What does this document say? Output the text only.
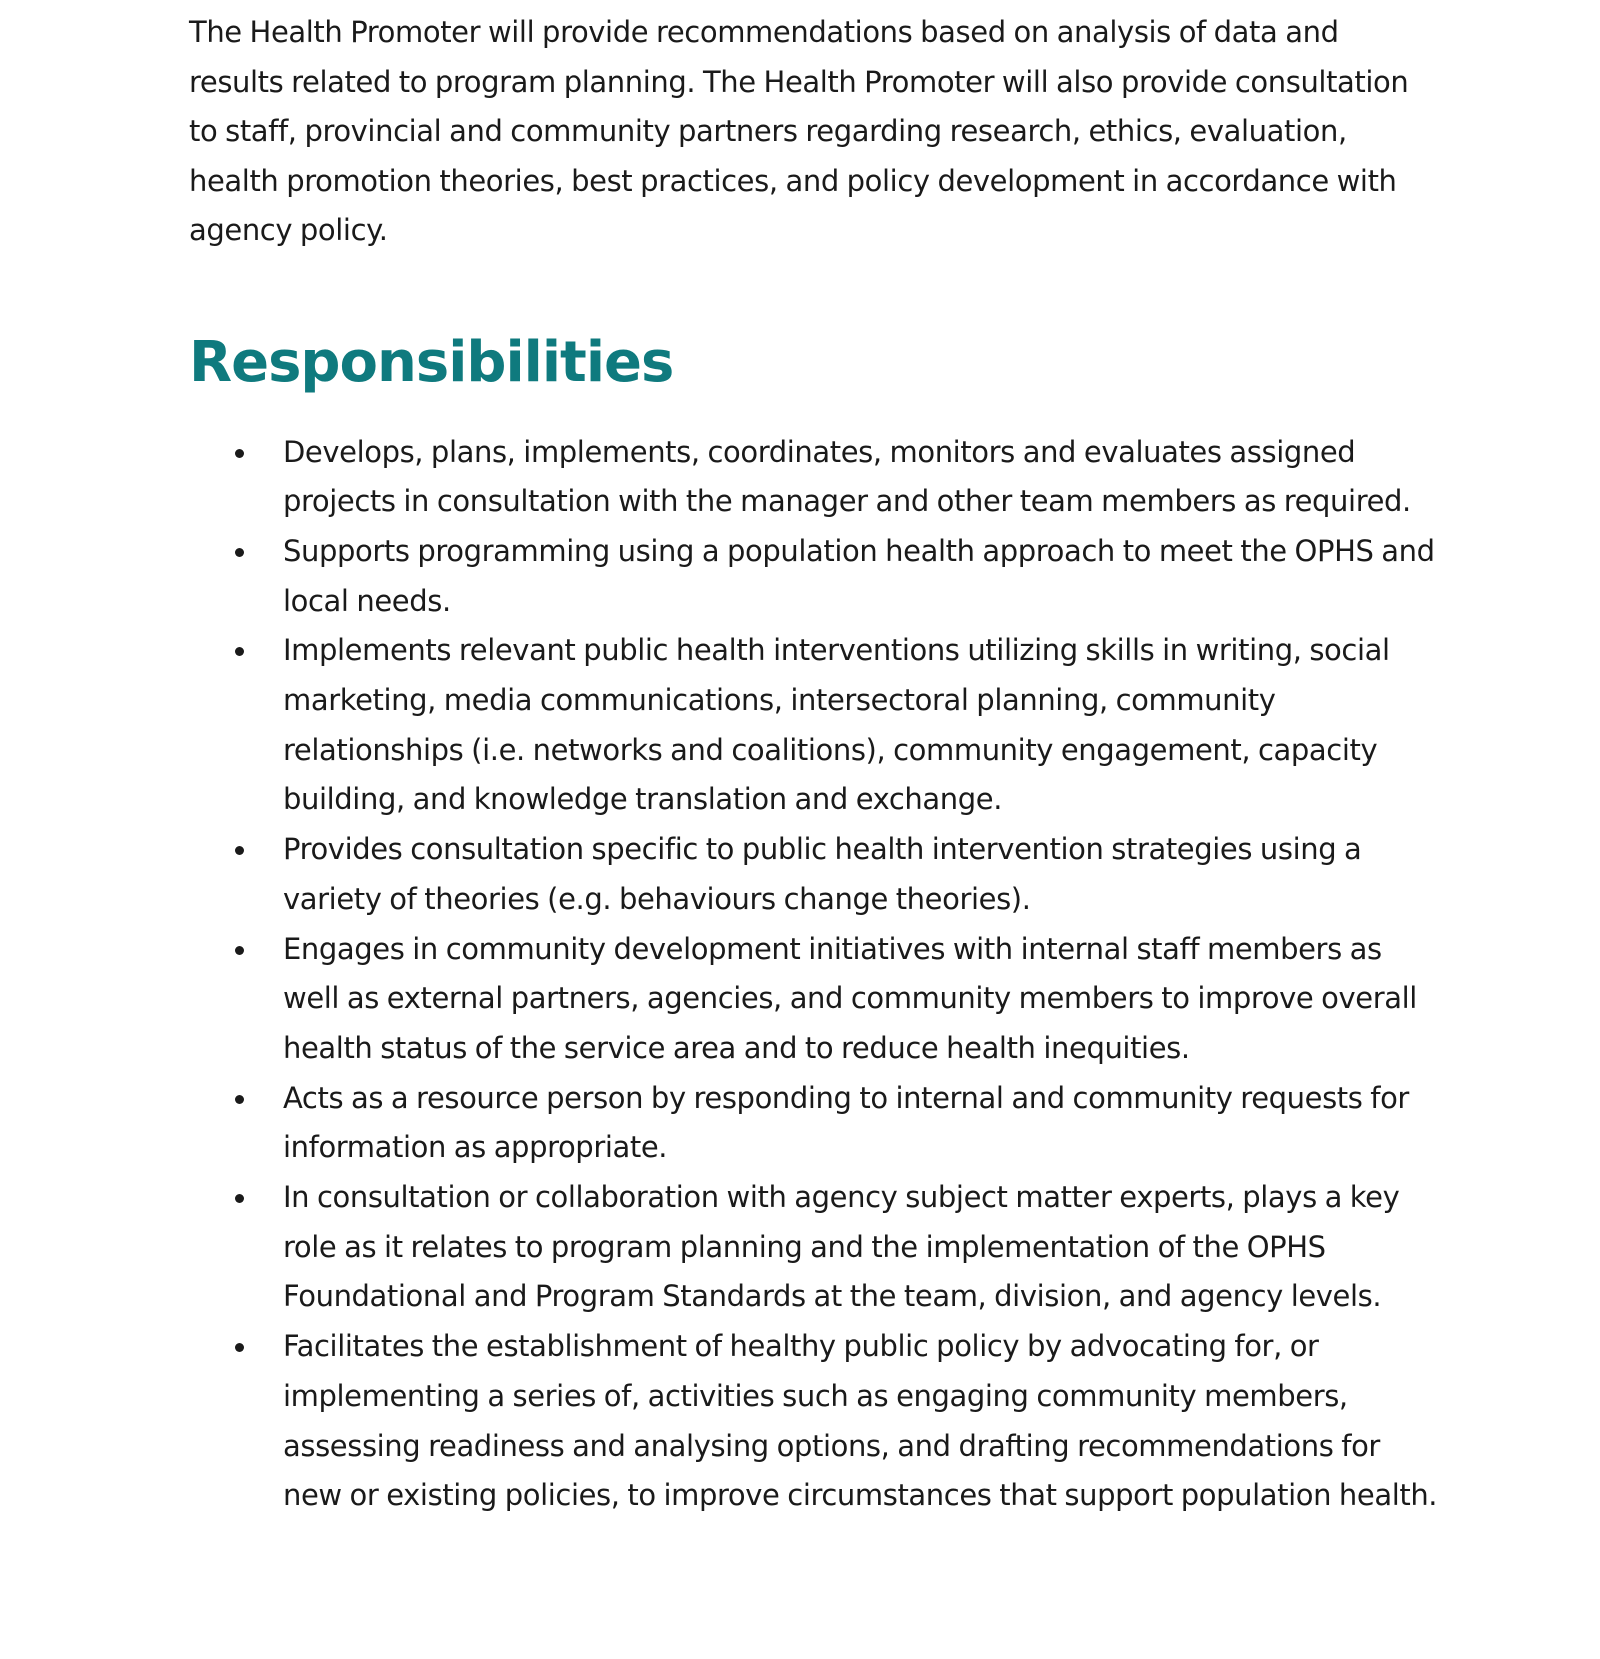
The Health Promoter will provide recommendations based on analysis of data and results related to program planning. The Health Promoter will also provide consultation to staff, provincial and community partners regarding research, ethics, evaluation, health promotion theories, best practices, and policy development in accordance with agency policy.

Responsibilities
Develops, plans, implements, coordinates, monitors and evaluates assigned projects in consultation with the manager and other team members as required.
Supports programming using a population health approach to meet the OPHS and local needs.
Implements relevant public health interventions utilizing skills in writing, social marketing, media communications, intersectoral planning, community relationships (i.e. networks and coalitions), community engagement, capacity building, and knowledge translation and exchange.
Provides consultation specific to public health intervention strategies using a variety of theories (e.g. behaviours change theories).
Engages in community development initiatives with internal staff members as well as external partners, agencies, and community members to improve overall health status of the service area and to reduce health inequities.
Acts as a resource person by responding to internal and community requests for information as appropriate.
In consultation or collaboration with agency subject matter experts, plays a key role as it relates to program planning and the implementation of the OPHS Foundational and Program Standards at the team, division, and agency levels.
Facilitates the establishment of healthy public policy by advocating for, or implementing a series of, activities such as engaging community members, assessing readiness and analysing options, and drafting recommendations for new or existing policies, to improve circumstances that support population health.
